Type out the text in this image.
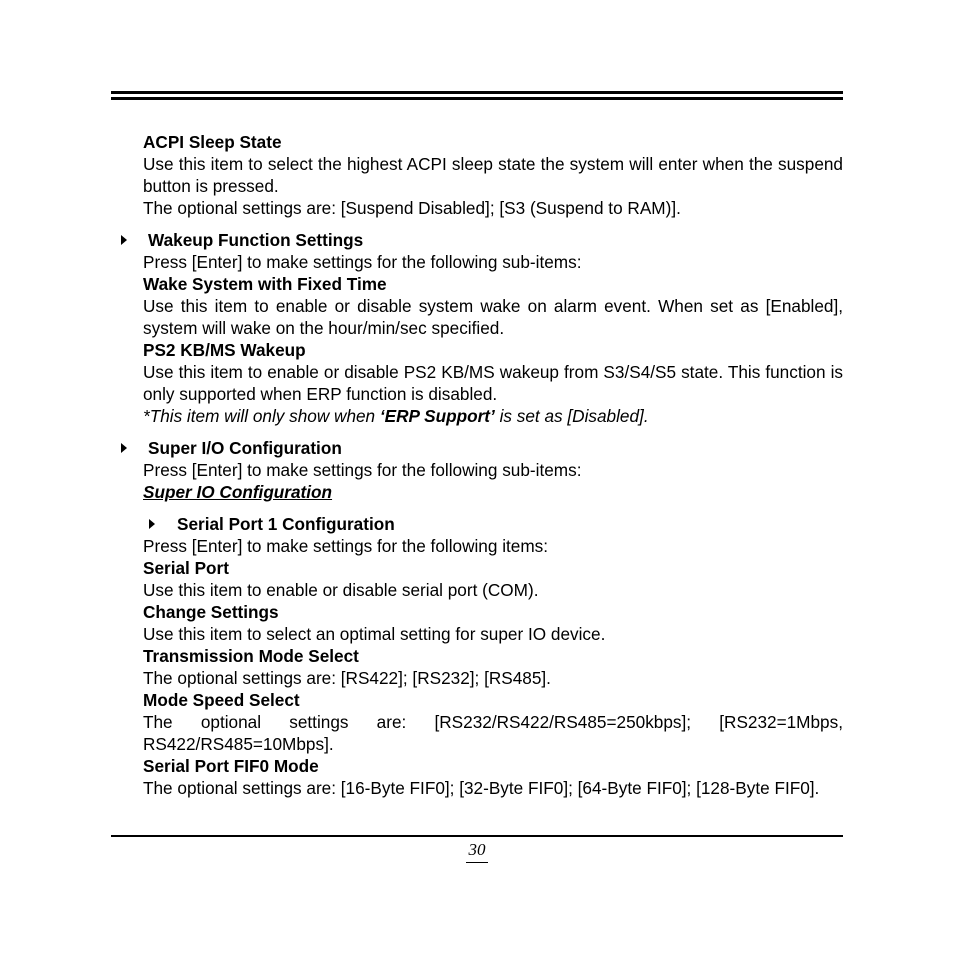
ACPI Sleep State
Use this item to select the highest ACPI sleep state the system will enter when the suspend button is pressed.
The optional settings are: [Suspend Disabled]; [S3 (Suspend to RAM)].
Wakeup Function Settings
Press [Enter] to make settings for the following sub-items:
Wake System with Fixed Time
Use this item to enable or disable system wake on alarm event. When set as [Enabled], system will wake on the hour/min/sec specified.
PS2 KB/MS Wakeup
Use this item to enable or disable PS2 KB/MS wakeup from S3/S4/S5 state. This function is only supported when ERP function is disabled.
*This item will only show when ‘ERP Support’ is set as [Disabled].
Super I/O Configuration
Press [Enter] to make settings for the following sub-items:
Super IO Configuration
Serial Port 1 Configuration
Press [Enter] to make settings for the following items:
Serial Port
Use this item to enable or disable serial port (COM).
Change Settings
Use this item to select an optimal setting for super IO device.
Transmission Mode Select
The optional settings are: [RS422]; [RS232]; [RS485].
Mode Speed Select
The optional settings are: [RS232/RS422/RS485=250kbps]; [RS232=1Mbps, RS422/RS485=10Mbps].
Serial Port FIF0 Mode
The optional settings are: [16-Byte FIF0]; [32-Byte FIF0]; [64-Byte FIF0]; [128-Byte FIF0].
30
